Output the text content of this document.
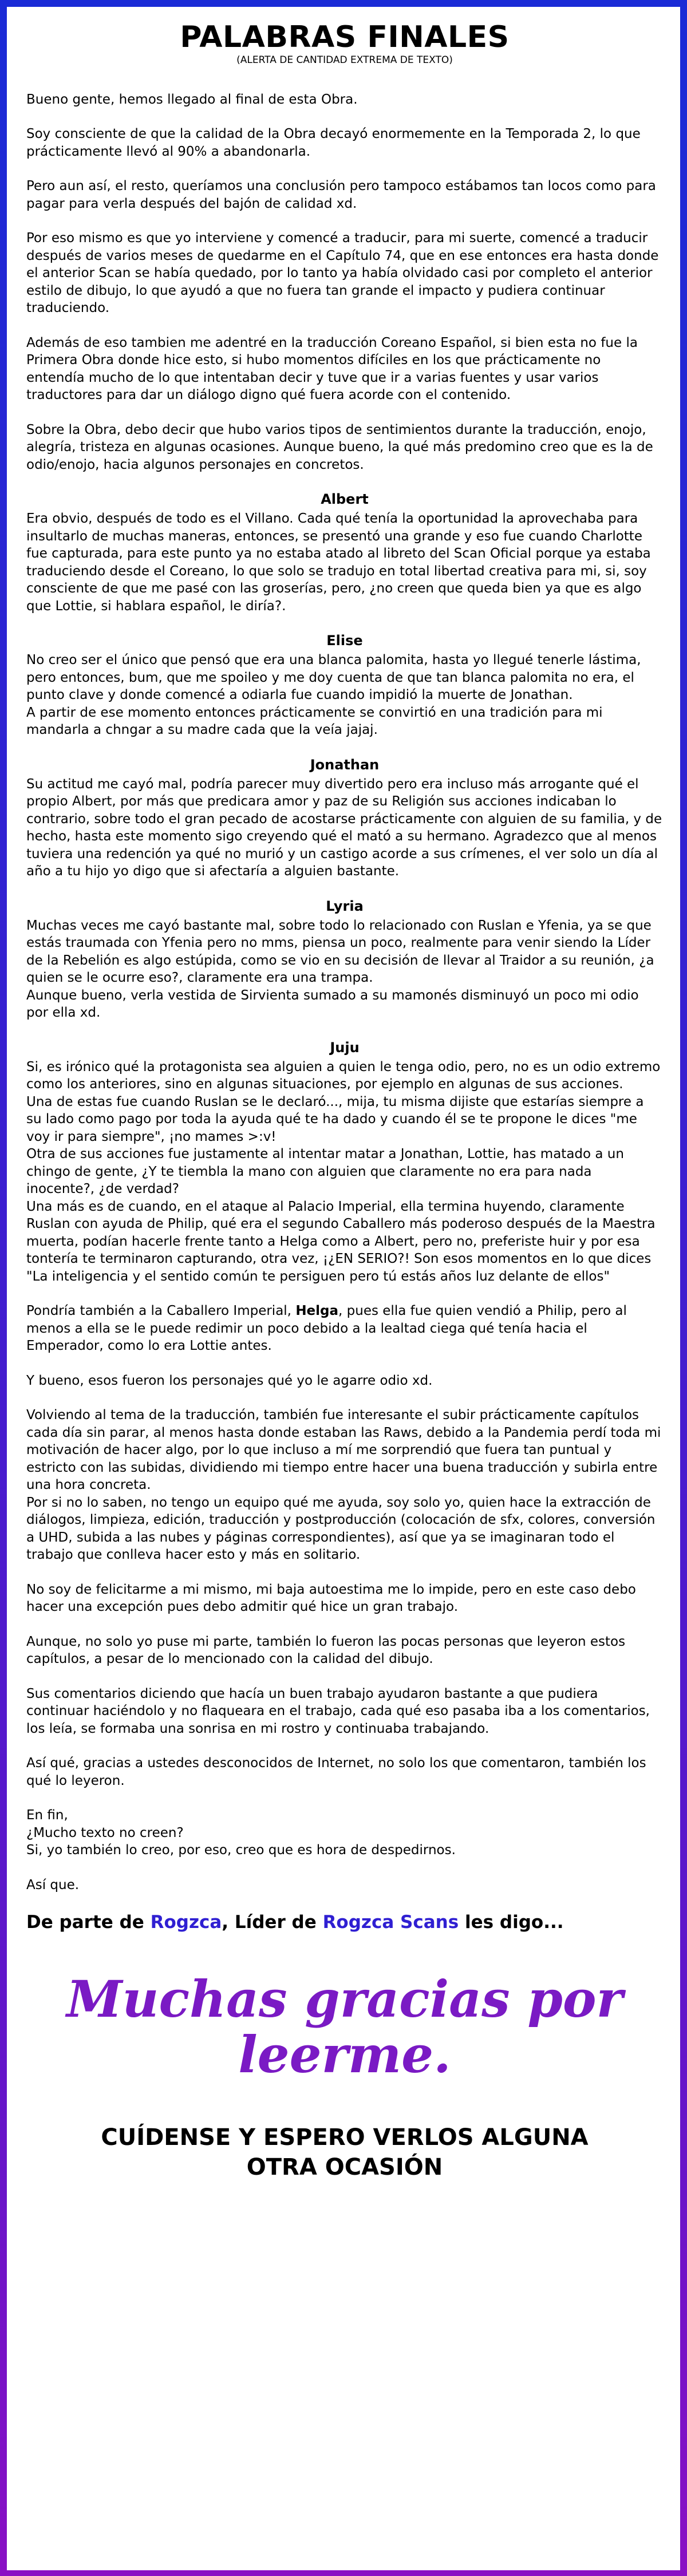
PALABRAS FINALES
(ALERTA DE CANTIDAD EXTREMA DE TEXTO)

Bueno gente, hemos llegado al final de esta Obra.

Soy consciente de que la calidad de la Obra decayó enormemente en la Temporada 2, lo que prácticamente llevó al 90% a abandonarla.

Pero aun así, el resto, queríamos una conclusión pero tampoco estábamos tan locos como para pagar para verla después del bajón de calidad xd.

Por eso mismo es que yo interviene y comencé a traducir, para mi suerte, comencé a traducir después de varios meses de quedarme en el Capítulo 74, que en ese entonces era hasta donde el anterior Scan se había quedado, por lo tanto ya había olvidado casi por completo el anterior estilo de dibujo, lo que ayudó a que no fuera tan grande el impacto y pudiera continuar traduciendo.

Además de eso tambien me adentré en la traducción Coreano Español, si bien esta no fue la Primera Obra donde hice esto, si hubo momentos difíciles en los que prácticamente no entendía mucho de lo que intentaban decir y tuve que ir a varias fuentes y usar varios traductores para dar un diálogo digno qué fuera acorde con el contenido.

Sobre la Obra, debo decir que hubo varios tipos de sentimientos durante la traducción, enojo, alegría, tristeza en algunas ocasiones. Aunque bueno, la qué más predomino creo que es la de odio/enojo, hacia algunos personajes en concretos.

Albert

Era obvio, después de todo es el Villano. Cada qué tenía la oportunidad la aprovechaba para insultarlo de muchas maneras, entonces, se presentó una grande y eso fue cuando Charlotte fue capturada, para este punto ya no estaba atado al libreto del Scan Oficial porque ya estaba traduciendo desde el Coreano, lo que solo se tradujo en total libertad creativa para mi, si, soy consciente de que me pasé con las groserías, pero, ¿no creen que queda bien ya que es algo que Lottie, si hablara español, le diría?.

Elise

No creo ser el único que pensó que era una blanca palomita, hasta yo llegué tenerle lástima, pero entonces, bum, que me spoileo y me doy cuenta de que tan blanca palomita no era, el punto clave y donde comencé a odiarla fue cuando impidió la muerte de Jonathan.

A partir de ese momento entonces prácticamente se convirtió en una tradición para mi mandarla a chngar a su madre cada que la veía jajaj.

Jonathan

Su actitud me cayó mal, podría parecer muy divertido pero era incluso más arrogante qué el propio Albert, por más que predicara amor y paz de su Religión sus acciones indicaban lo contrario, sobre todo el gran pecado de acostarse prácticamente con alguien de su familia, y de hecho, hasta este momento sigo creyendo qué el mató a su hermano. Agradezco que al menos tuviera una redención ya qué no murió y un castigo acorde a sus crímenes, el ver solo un día al año a tu hijo yo digo que si afectaría a alguien bastante.

Lyria

Muchas veces me cayó bastante mal, sobre todo lo relacionado con Ruslan e Yfenia, ya se que estás traumada con Yfenia pero no mms, piensa un poco, realmente para venir siendo la Líder de la Rebelión es algo estúpida, como se vio en su decisión de llevar al Traidor a su reunión, ¿a quien se le ocurre eso?, claramente era una trampa.

Aunque bueno, verla vestida de Sirvienta sumado a su mamonés disminuyó un poco mi odio por ella xd.

Juju

Si, es irónico qué la protagonista sea alguien a quien le tenga odio, pero, no es un odio extremo como los anteriores, sino en algunas situaciones, por ejemplo en algunas de sus acciones.

Una de estas fue cuando Ruslan se le declaró..., mija, tu misma dijiste que estarías siempre a su lado como pago por toda la ayuda qué te ha dado y cuando él se te propone le dices "me voy ir para siempre", ¡no mames >:v!

Otra de sus acciones fue justamente al intentar matar a Jonathan, Lottie, has matado a un chingo de gente, ¿Y te tiembla la mano con alguien que claramente no era para nada inocente?, ¿de verdad?

Una más es de cuando, en el ataque al Palacio Imperial, ella termina huyendo, claramente Ruslan con ayuda de Philip, qué era el segundo Caballero más poderoso después de la Maestra muerta, podían hacerle frente tanto a Helga como a Albert, pero no, preferiste huir y por esa tontería te terminaron capturando, otra vez, ¡¿EN SERIO?! Son esos momentos en lo que dices "La inteligencia y el sentido común te persiguen pero tú estás años luz delante de ellos"

Pondría también a la Caballero Imperial, Helga, pues ella fue quien vendió a Philip, pero al menos a ella se le puede redimir un poco debido a la lealtad ciega qué tenía hacia el Emperador, como lo era Lottie antes.

Y bueno, esos fueron los personajes qué yo le agarre odio xd.

Volviendo al tema de la traducción, también fue interesante el subir prácticamente capítulos cada día sin parar, al menos hasta donde estaban las Raws, debido a la Pandemia perdí toda mi motivación de hacer algo, por lo que incluso a mí me sorprendió que fuera tan puntual y estricto con las subidas, dividiendo mi tiempo entre hacer una buena traducción y subirla entre una hora concreta.

Por si no lo saben, no tengo un equipo qué me ayuda, soy solo yo, quien hace la extracción de diálogos, limpieza, edición, traducción y postproducción (colocación de sfx, colores, conversión a UHD, subida a las nubes y páginas correspondientes), así que ya se imaginaran todo el trabajo que conlleva hacer esto y más en solitario.

No soy de felicitarme a mi mismo, mi baja autoestima me lo impide, pero en este caso debo hacer una excepción pues debo admitir qué hice un gran trabajo.

Aunque, no solo yo puse mi parte, también lo fueron las pocas personas que leyeron estos capítulos, a pesar de lo mencionado con la calidad del dibujo.

Sus comentarios diciendo que hacía un buen trabajo ayudaron bastante a que pudiera continuar haciéndolo y no flaqueara en el trabajo, cada qué eso pasaba iba a los comentarios, los leía, se formaba una sonrisa en mi rostro y continuaba trabajando.

Así qué, gracias a ustedes desconocidos de Internet, no solo los que comentaron, también los qué lo leyeron.

En fin,

¿Mucho texto no creen?

Si, yo también lo creo, por eso, creo que es hora de despedirnos.

Así que.

De parte de Rogzca, Líder de Rogzca Scans les digo...
Muchas gracias por leerme.
CUÍDENSE Y ESPERO VERLOS ALGUNA OTRA OCASIÓN
